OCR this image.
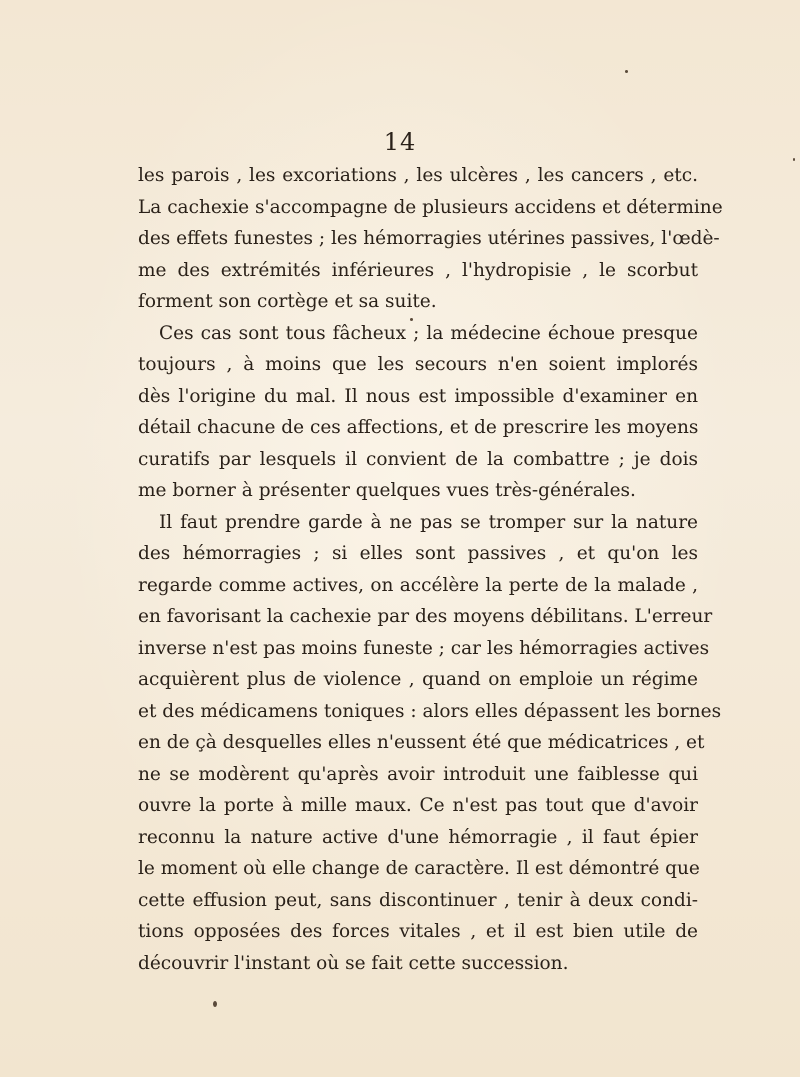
14
les parois , les excoriations , les ulcères , les cancers , etc.
La cachexie s'accompagne de plusieurs accidens et détermine
des effets funestes ; les hémorragies utérines passives, l'œdè-
me des extrémités inférieures , l'hydropisie , le scorbut
forment son cortège et sa suite.
Ces cas sont tous fâcheux ; la médecine échoue presque
toujours , à moins que les secours n'en soient implorés
dès l'origine du mal. Il nous est impossible d'examiner en
détail chacune de ces affections, et de prescrire les moyens
curatifs par lesquels il convient de la combattre ; je dois
me borner à présenter quelques vues très-générales.
Il faut prendre garde à ne pas se tromper sur la nature
des hémorragies ; si elles sont passives , et qu'on les
regarde comme actives, on accélère la perte de la malade ,
en favorisant la cachexie par des moyens débilitans. L'erreur
inverse n'est pas moins funeste ; car les hémorragies actives
acquièrent plus de violence , quand on emploie un régime
et des médicamens toniques : alors elles dépassent les bornes
en de çà desquelles elles n'eussent été que médicatrices , et
ne se modèrent qu'après avoir introduit une faiblesse qui
ouvre la porte à mille maux. Ce n'est pas tout que d'avoir
reconnu la nature active d'une hémorragie , il faut épier
le moment où elle change de caractère. Il est démontré que
cette effusion peut, sans discontinuer , tenir à deux condi-
tions opposées des forces vitales , et il est bien utile de
découvrir l'instant où se fait cette succession.
